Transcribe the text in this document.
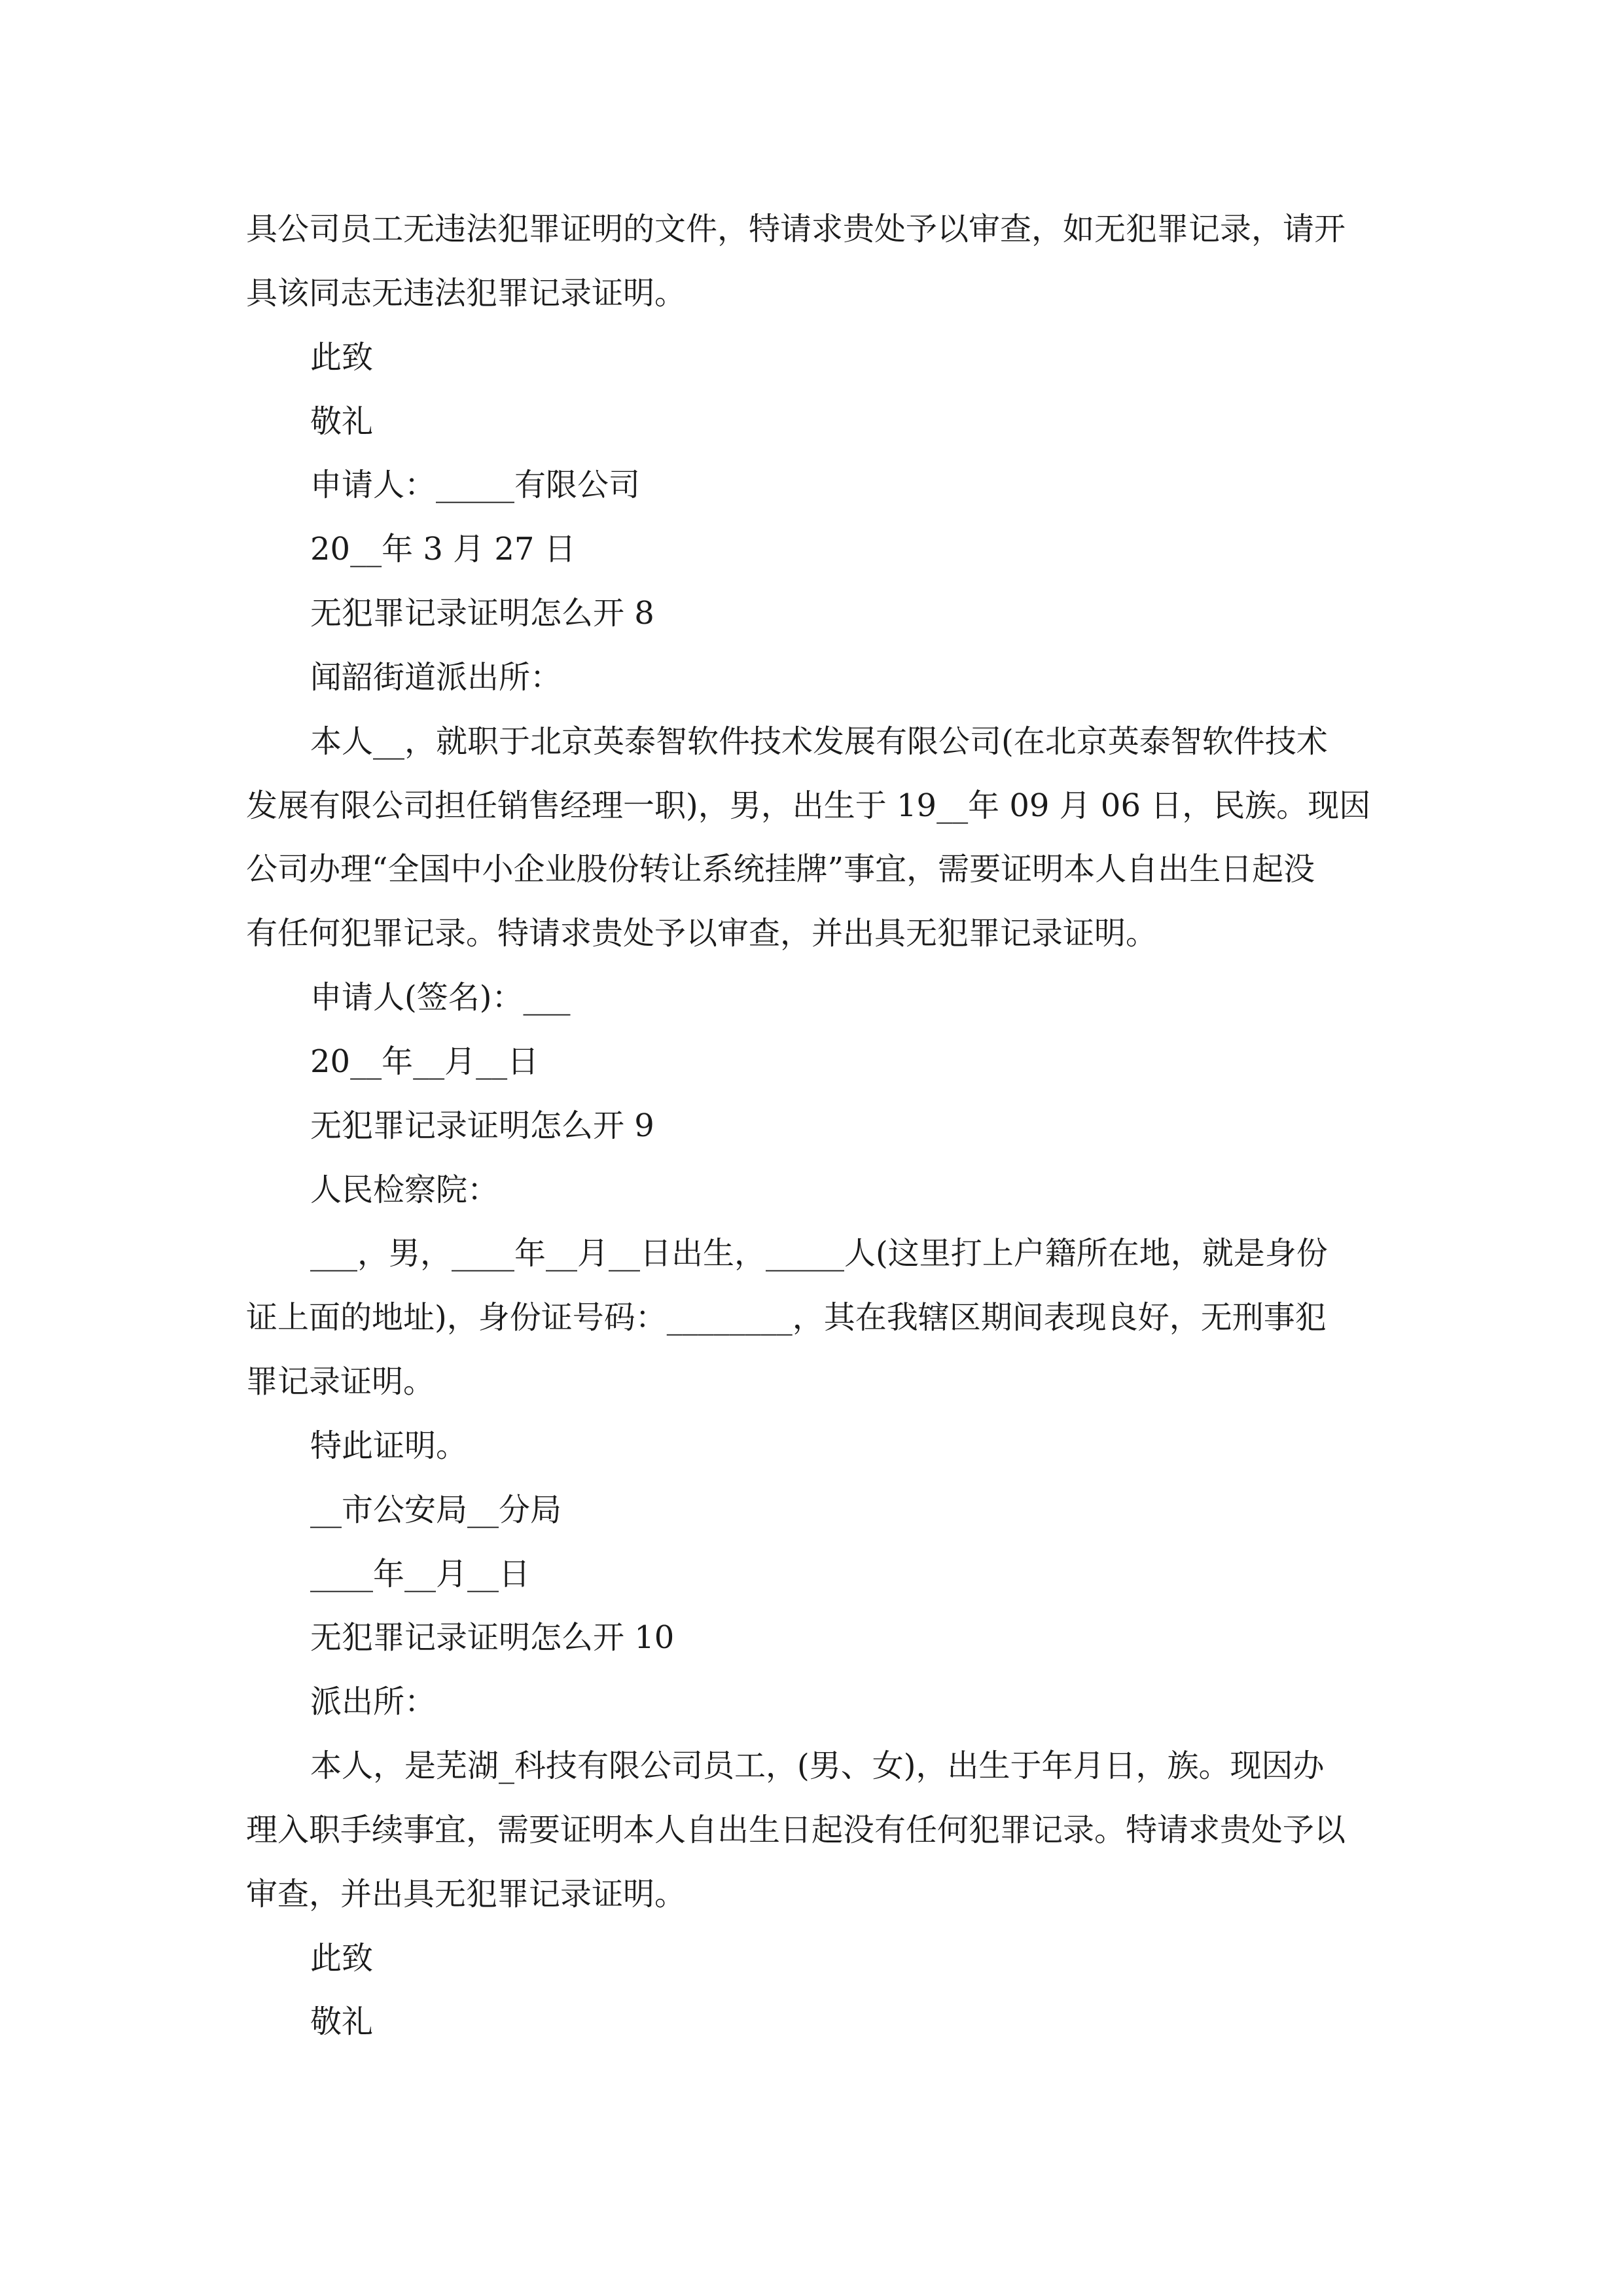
具公司员工无违法犯罪证明的文件，特请求贵处予以审查，如无犯罪记录，请开
具该同志无违法犯罪记录证明。
此致
敬礼
申请人：_____有限公司
20__年 3 月 27 日
无犯罪记录证明怎么开 8
闻韶街道派出所：
本人__，就职于北京英泰智软件技术发展有限公司(在北京英泰智软件技术
发展有限公司担任销售经理一职)，男，出生于 19__年 09 月 06 日，民族。现因
公司办理“全国中小企业股份转让系统挂牌”事宜，需要证明本人自出生日起没
有任何犯罪记录。特请求贵处予以审查，并出具无犯罪记录证明。
申请人(签名)：___
20__年__月__日
无犯罪记录证明怎么开 9
人民检察院：
___，男，____年__月__日出生，_____人(这里打上户籍所在地，就是身份
证上面的地址)，身份证号码：________，其在我辖区期间表现良好，无刑事犯
罪记录证明。
特此证明。
__市公安局__分局
____年__月__日
无犯罪记录证明怎么开 10
派出所：
本人，是芜湖_科技有限公司员工，(男、女)，出生于年月日，族。现因办
理入职手续事宜，需要证明本人自出生日起没有任何犯罪记录。特请求贵处予以
审查，并出具无犯罪记录证明。
此致
敬礼
